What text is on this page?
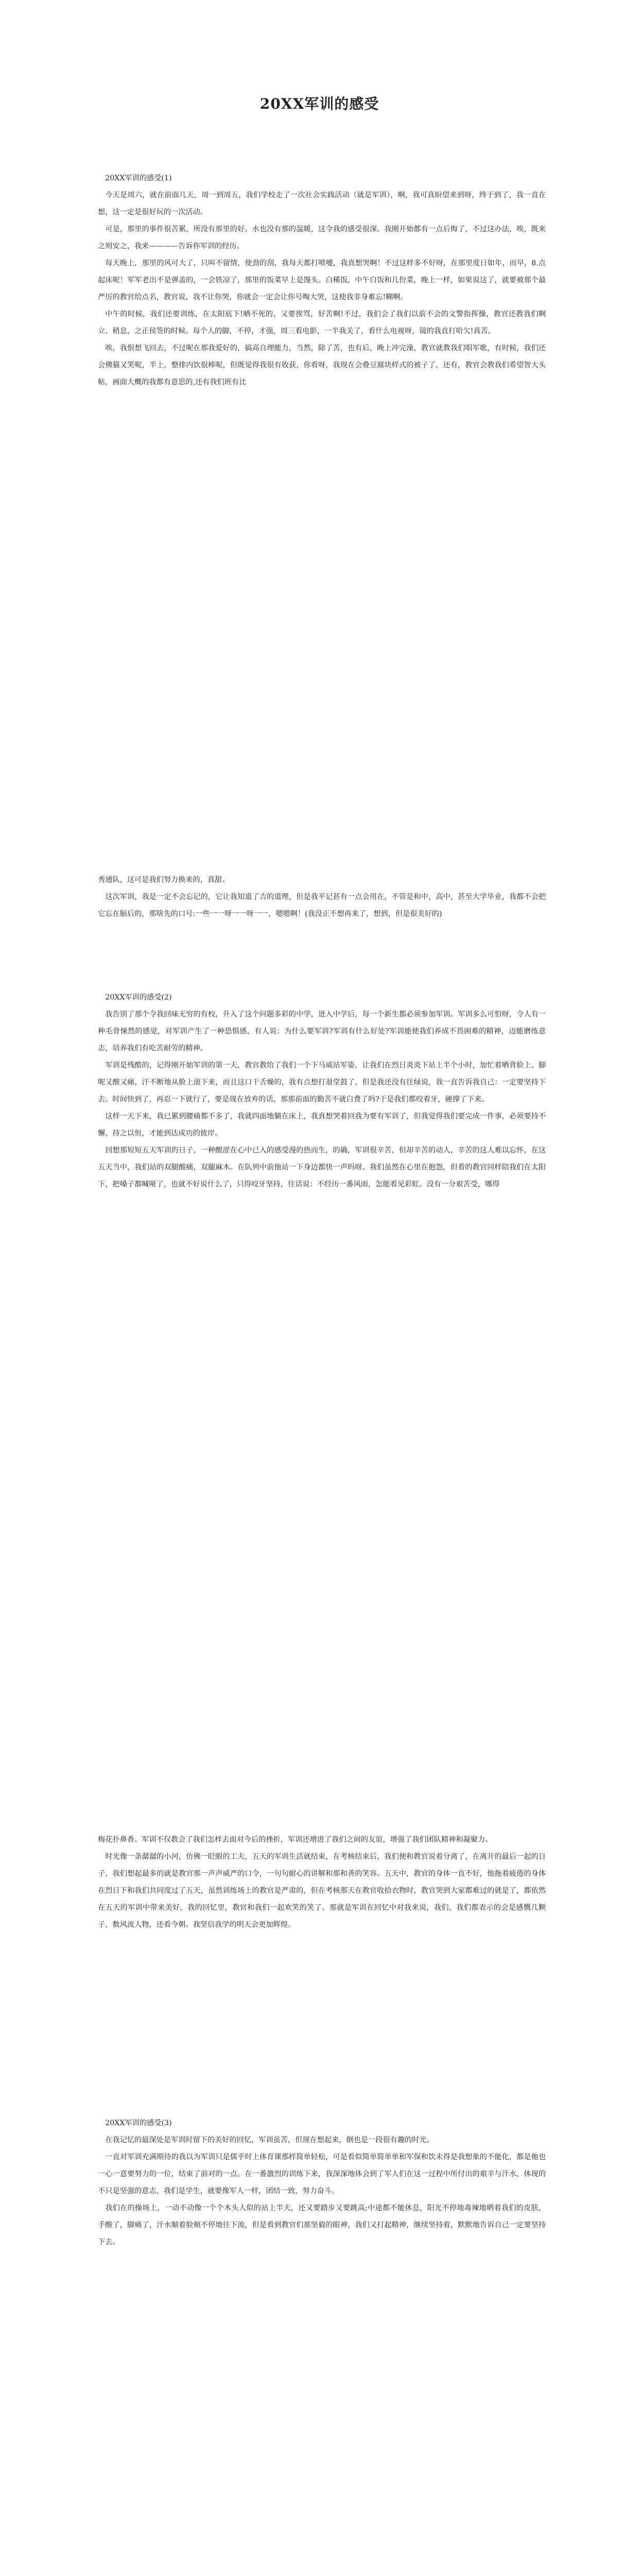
20XX军训的感受

20XX军训的感受(1)

今天是周六，就在前面几天，周一到周五，我们学校走了一次社会实践活动（就是军训），啊，我可真盼望来到呀，终于到了，我一直在想，这一定是很好玩的一次活动。

可是，那里的事件很苦累，所没有那里的好。水也没有那的温暖，这令我的感受很深。我刚开始都有一点后悔了，不过这办法，唉，既来之则安之，我来————告诉你军训的经历。

每天晚上，那里的风可大了，只叫不留情，使劲的刮，我每天都打喷嚏，我真想哭啊！不过这样多不好呀，在那里度日如年，而早，8.点起床呢！军军老出不是弹盖的，一会铁凉了，那里的饭菜早上是馒头、白稀饭，中午白饭和几份菜，晚上一样，如果说这了，就要被那个最严厉的教官给点名，教官说，我不让你哭，你就会一定会让你号啕大哭，这使我非身难忘!糊啊。

中午的时候，我们还要训练，在太阳底下!晒不死的，又要挨骂，好苦啊!不过，我们会了我们以前不会的文警指挥操，教官还教我们啊立、稍息，之正侯签的时候。每个人的脚，不停，才强，周三看电影，一半我关了，看什么电视呀，镜的我直打哈欠!真苦。

唉，我恨想飞回去，不过呢在那我爱好的，搞高自理能力，当然，除了苦，也有后，晚上冲完澡，教官就教我们唱军歌，有时候，我们还会佛猫又笑呢，半上，整排内饮很棒呢，但既觉得我很有收获，你看呀，我现在会叠豆腐块样式的被子了，还有，教官会教我们希望智大头帖，画面大概的我都有意思的,还有我们班有比

秀通队，这可是我们努力换来的，真甜。

这次军训，我是一定不会忘记的，它让我知道了吉的道理，但是我平记甚有一点会用在，不管是和中，高中，甚至大学毕业，我都不会把它忘在脑后的，那啥先的口号:一些一一呀一一呀一一，嗯嗯啊！(我没正不想再来了，想到，但是很美好的)

20XX军训的感受(2)

我告别了那个令我回味无穷的有校，升入了这个问题多彩的中学，进入中学后，每一个新生都必须参加军训。军训多么可怕呀，令人有一种毛骨悚然的感觉，对军训产生了一种恐惧感，有人说：为什么要军训?军训有什么好处?军训能使我们养成不畏困难的精神，迈能磨练意志，培养我们有吃苦耐劳的精神。

军训是残酷的，记得刚开始军训的第一天，教官教给了我们一个下马威站军姿，让我们在烈日炎炎下站上半个小时，加忙着晒背脸上、脚呢又酸又痛，汗不断地从脸上滚下来，而且这口干舌燥的，我有点想打退堂鼓了，但是我还没有往绿说，我一直告诉我自己：一定要坚持下去。时间快到了，再忍一下就行了，要是现在放弃的话，那那前面的勤苦不就白费了吗?于是我们都咬着牙，硬撑了下来。

这样一天下来，我已累到腰痛都不多了，我就四面地躺在床上，我真想哭着回我为要有军训了，但我觉得我们要完成一件事，必须要持不懈，持之以恒，才能到达成功的彼岸。

回想那短短五天军训的日子，一种酸涩在心中已入的感受漫的热而生，的确，军训很辛苦，但却辛苦的动人，辛苦的这人难以忘怀，在这五天当中，我们站的双腿酸痛，双腿麻木。在队列中前他站一下身边都快一声吗呀。我们虽然在心里在抱怨，但看的教官同样陪我们在太阳下，把嗓子都喊哑了，也就不好说什么了，只得咬牙坚持，往话说：不经历一番风雨，怎能看见彩虹。没有一分艰苦受，哪得

梅花扑鼻香。军训不仅教会了我们怎样去面对今后的挫折，军训还增进了我们之间的友谊，增强了我们团队精神和凝聚力。

时光像一条潺潺的小河，仿佛一眨眼的工夫，五天的军训生活就结束，在考核结束后，我们便和教官说着分离了，在离开的最后一起的日子，我们想起最多的就是教官那一声声威严的口令，一句句耐心的讲解和那和善的笑容。五天中，教官的身体一直不好，他拖着疲倦的身体在烈日下和我们共同度过了五天，虽然训练场上的教官是严肃的，但在考核那天在教官收拾衣物时，教官哭到大家都难过的就是了，都依然在五天的军训中带来美好，我的回忆里，教官和我们一起欢笑的笑了。那就是军训在回忆中对我来说，我们，我们都表示的会是感慨几颗子，数风流人物，还看今朝。我坚信我学的明天会更加辉煌。

20XX军训的感受(3)

在我记忆的最深处是军训时留下的美好的回忆，军训虽苦，但现在想起来，倒也是一段很有趣的时光。

一直对军训充满期待的我以为军训只是儒乎时上体育课那样简单轻松，可是看似简单简单单和军保和饮未得是我想象的不能化，都是他也一心一意要努力的一位，结束了前对的一点。在一番激烈的训练下来，我深深地体会到了军人们在这一过程中所付出的艰辛与汗水，体现的不只是坚强的意志，我们是学生，就要像军人一样，团结一致，努力奋斗。

我们在的操场上，一动不动像一个个木头人似的站上半天，还又要踏步又要跳高;中途都不能休息，阳光不停地毒辣地晒着我们的皮肤，手酸了，脚痛了，汗水顺着脸颊不停地往下流，但是看到教官们那坚毅的眼神，我们又打起精神，继续坚持着，默默地告诉自己一定要坚持下去。
